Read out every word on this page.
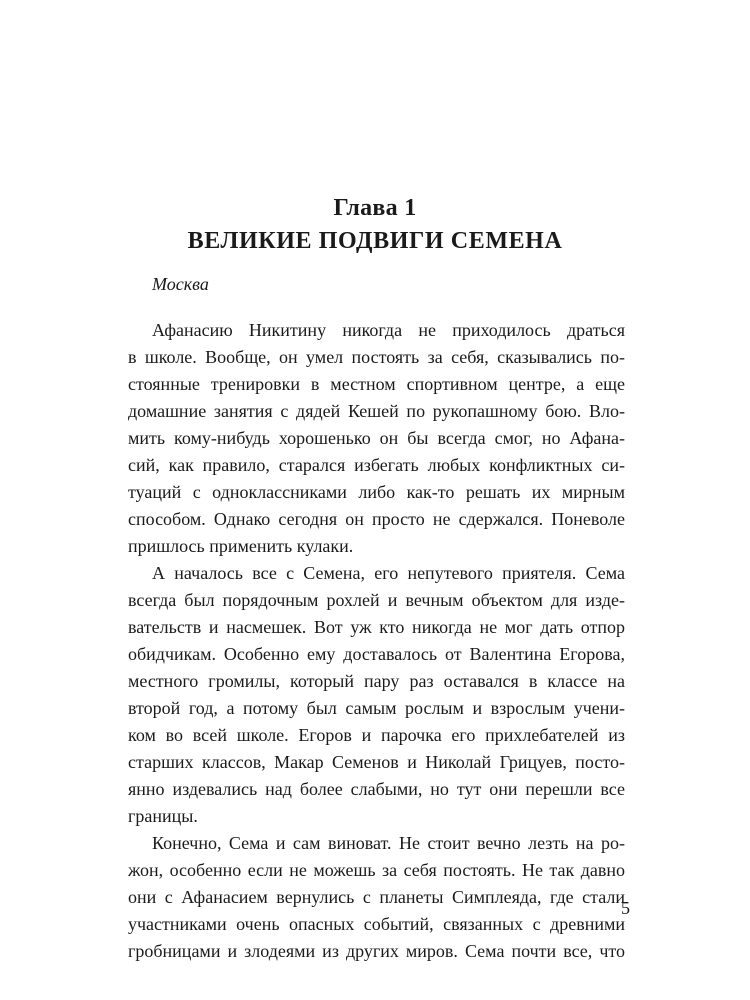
Глава 1
ВЕЛИКИЕ ПОДВИГИ СЕМЕНА
Москва
Афанасию Никитину никогда не приходилось драться
в школе. Вообще, он умел постоять за себя, сказывались по-
стоянные тренировки в местном спортивном центре, а еще
домашние занятия с дядей Кешей по рукопашному бою. Вло-
мить кому-нибудь хорошенько он бы всегда смог, но Афана-
сий, как правило, старался избегать любых конфликтных си-
туаций с одноклассниками либо как-то решать их мирным
способом. Однако сегодня он просто не сдержался. Поневоле
пришлось применить кулаки.
А началось все с Семена, его непутевого приятеля. Сема
всегда был порядочным рохлей и вечным объектом для изде-
вательств и насмешек. Вот уж кто никогда не мог дать отпор
обидчикам. Особенно ему доставалось от Валентина Егорова,
местного громилы, который пару раз оставался в классе на
второй год, а потому был самым рослым и взрослым учени-
ком во всей школе. Егоров и парочка его прихлебателей из
старших классов, Макар Семенов и Николай Грицуев, посто-
янно издевались над более слабыми, но тут они перешли все
границы.
Конечно, Сема и сам виноват. Не стоит вечно лезть на ро-
жон, особенно если не можешь за себя постоять. Не так давно
они с Афанасием вернулись с планеты Симплеяда, где стали
участниками очень опасных событий, связанных с древними
гробницами и злодеями из других миров. Сема почти все, что
5
